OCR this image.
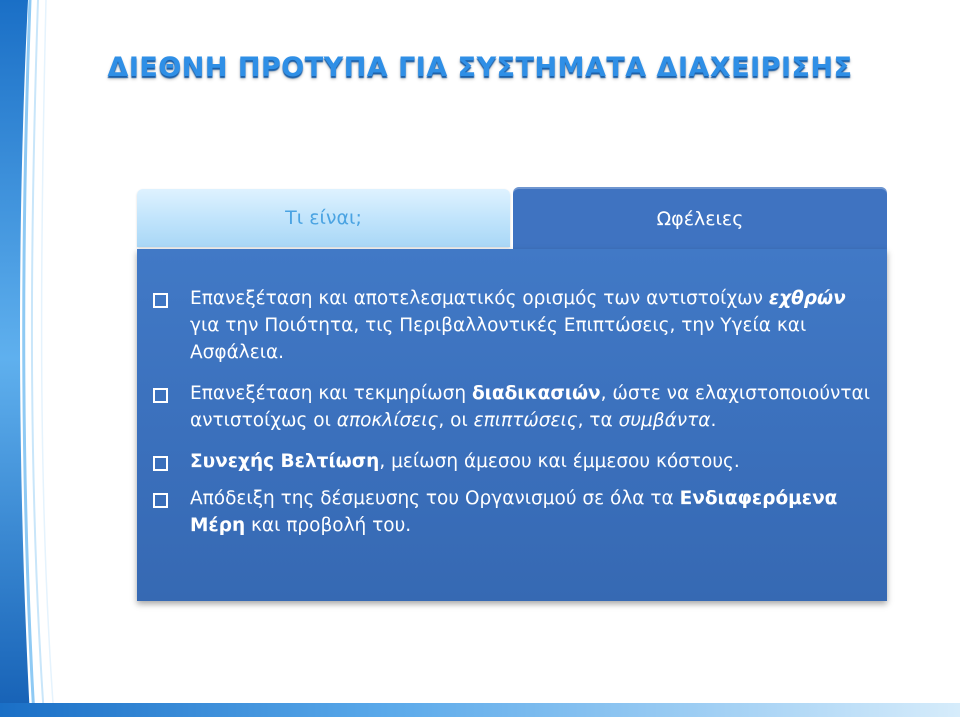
ΔΙΕΘΝΗ ΠΡΟΤΥΠΑ ΓΙΑ ΣΥΣΤΗΜΑΤΑ ΔΙΑΧΕΙΡΙΣΗΣ
Τι είναι;	Ωφέλειες
Επανεξέταση και αποτελεσματικός ορισμός των αντιστοίχων εχθρών για την Ποιότητα, τις Περιβαλλοντικές Επιπτώσεις, την Υγεία και Ασφάλεια.
Επανεξέταση και τεκμηρίωση διαδικασιών, ώστε να ελαχιστοποιούνται αντιστοίχως οι αποκλίσεις, οι επιπτώσεις, τα συμβάντα.
Συνεχής Βελτίωση, μείωση άμεσου και έμμεσου κόστους.
Απόδειξη της δέσμευσης του Οργανισμού σε όλα τα Ενδιαφερόμενα Μέρη και προβολή του.
